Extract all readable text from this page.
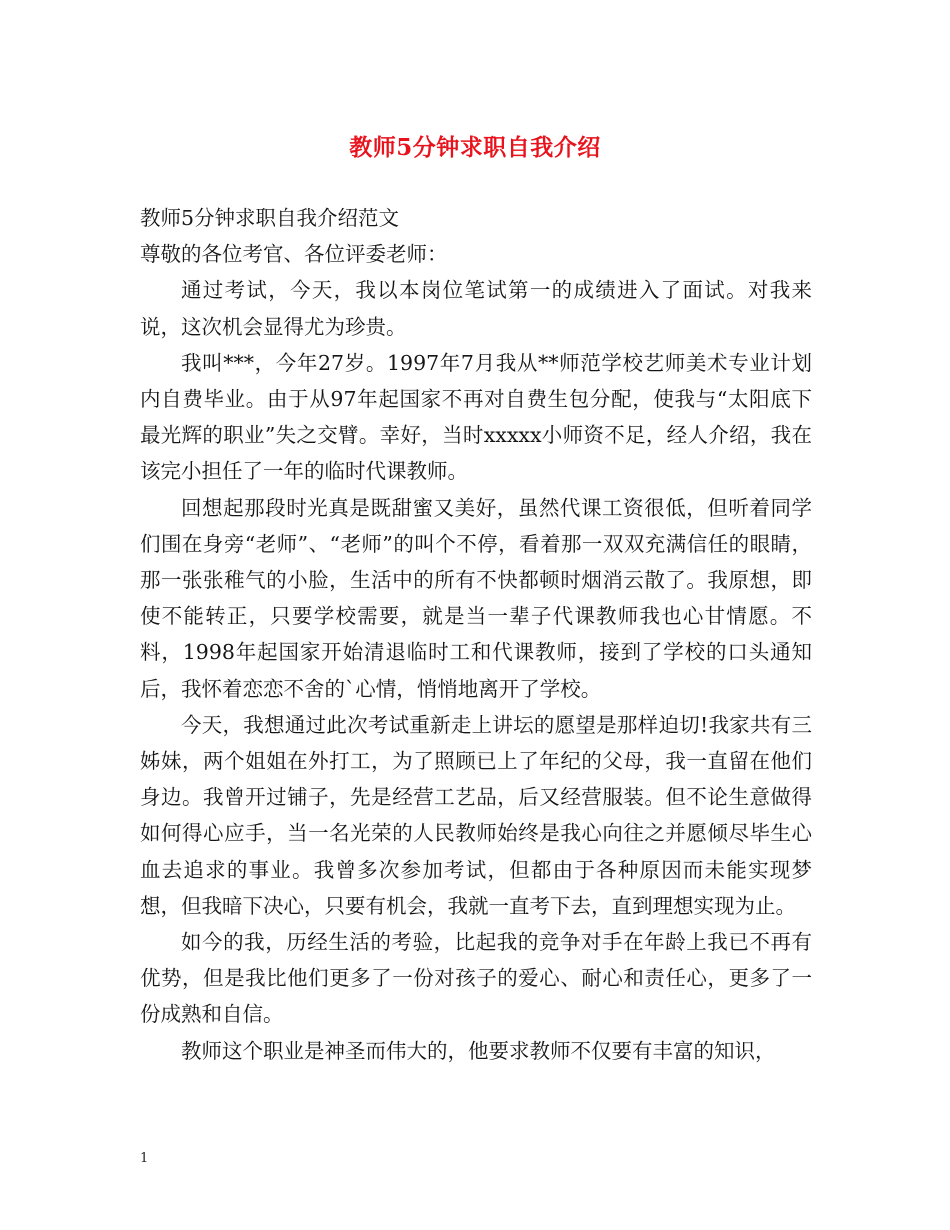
教师5分钟求职自我介绍

教师5分钟求职自我介绍范文

尊敬的各位考官、各位评委老师：

通过考试，今天，我以本岗位笔试第一的成绩进入了面试。对我来说，这次机会显得尤为珍贵。

我叫***，今年27岁。1997年7月我从**师范学校艺师美术专业计划内自费毕业。由于从97年起国家不再对自费生包分配，使我与“太阳底下最光辉的职业”失之交臂。幸好，当时xxxxx小师资不足，经人介绍，我在该完小担任了一年的临时代课教师。

回想起那段时光真是既甜蜜又美好，虽然代课工资很低，但听着同学们围在身旁“老师”、“老师”的叫个不停，看着那一双双充满信任的眼睛，那一张张稚气的小脸，生活中的所有不快都顿时烟消云散了。我原想，即使不能转正，只要学校需要，就是当一辈子代课教师我也心甘情愿。不料，1998年起国家开始清退临时工和代课教师，接到了学校的口头通知后，我怀着恋恋不舍的`心情，悄悄地离开了学校。

今天，我想通过此次考试重新走上讲坛的愿望是那样迫切!我家共有三姊妹，两个姐姐在外打工，为了照顾已上了年纪的父母，我一直留在他们身边。我曾开过铺子，先是经营工艺品，后又经营服装。但不论生意做得如何得心应手，当一名光荣的人民教师始终是我心向往之并愿倾尽毕生心血去追求的事业。我曾多次参加考试，但都由于各种原因而未能实现梦想，但我暗下决心，只要有机会，我就一直考下去，直到理想实现为止。

如今的我，历经生活的考验，比起我的竞争对手在年龄上我已不再有优势，但是我比他们更多了一份对孩子的爱心、耐心和责任心，更多了一份成熟和自信。

教师这个职业是神圣而伟大的，他要求教师不仅要有丰富的知识，

1
